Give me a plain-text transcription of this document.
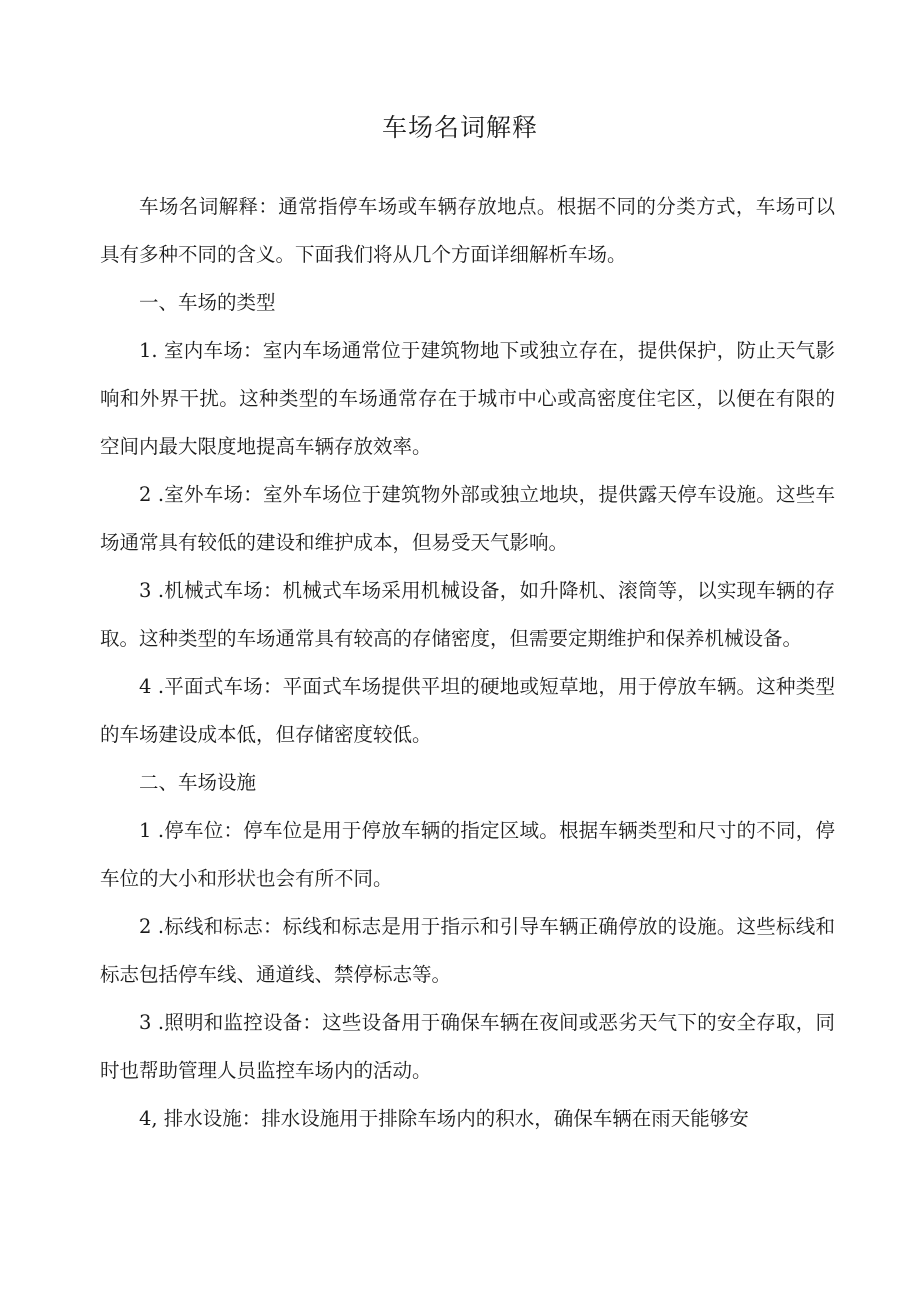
车场名词解释

车场名词解释：通常指停车场或车辆存放地点。根据不同的分类方式，车场可以具有多种不同的含义。下面我们将从几个方面详细解析车场。

一、车场的类型

1. 室内车场：室内车场通常位于建筑物地下或独立存在，提供保护，防止天气影响和外界干扰。这种类型的车场通常存在于城市中心或高密度住宅区，以便在有限的空间内最大限度地提高车辆存放效率。

2 .室外车场：室外车场位于建筑物外部或独立地块，提供露天停车设施。这些车场通常具有较低的建设和维护成本，但易受天气影响。

3 .机械式车场：机械式车场采用机械设备，如升降机、滚筒等，以实现车辆的存取。这种类型的车场通常具有较高的存储密度，但需要定期维护和保养机械设备。

4 .平面式车场：平面式车场提供平坦的硬地或短草地，用于停放车辆。这种类型的车场建设成本低，但存储密度较低。

二、车场设施

1 .停车位：停车位是用于停放车辆的指定区域。根据车辆类型和尺寸的不同，停车位的大小和形状也会有所不同。

2 .标线和标志：标线和标志是用于指示和引导车辆正确停放的设施。这些标线和标志包括停车线、通道线、禁停标志等。

3 .照明和监控设备：这些设备用于确保车辆在夜间或恶劣天气下的安全存取，同时也帮助管理人员监控车场内的活动。

4, 排水设施：排水设施用于排除车场内的积水，确保车辆在雨天能够安
